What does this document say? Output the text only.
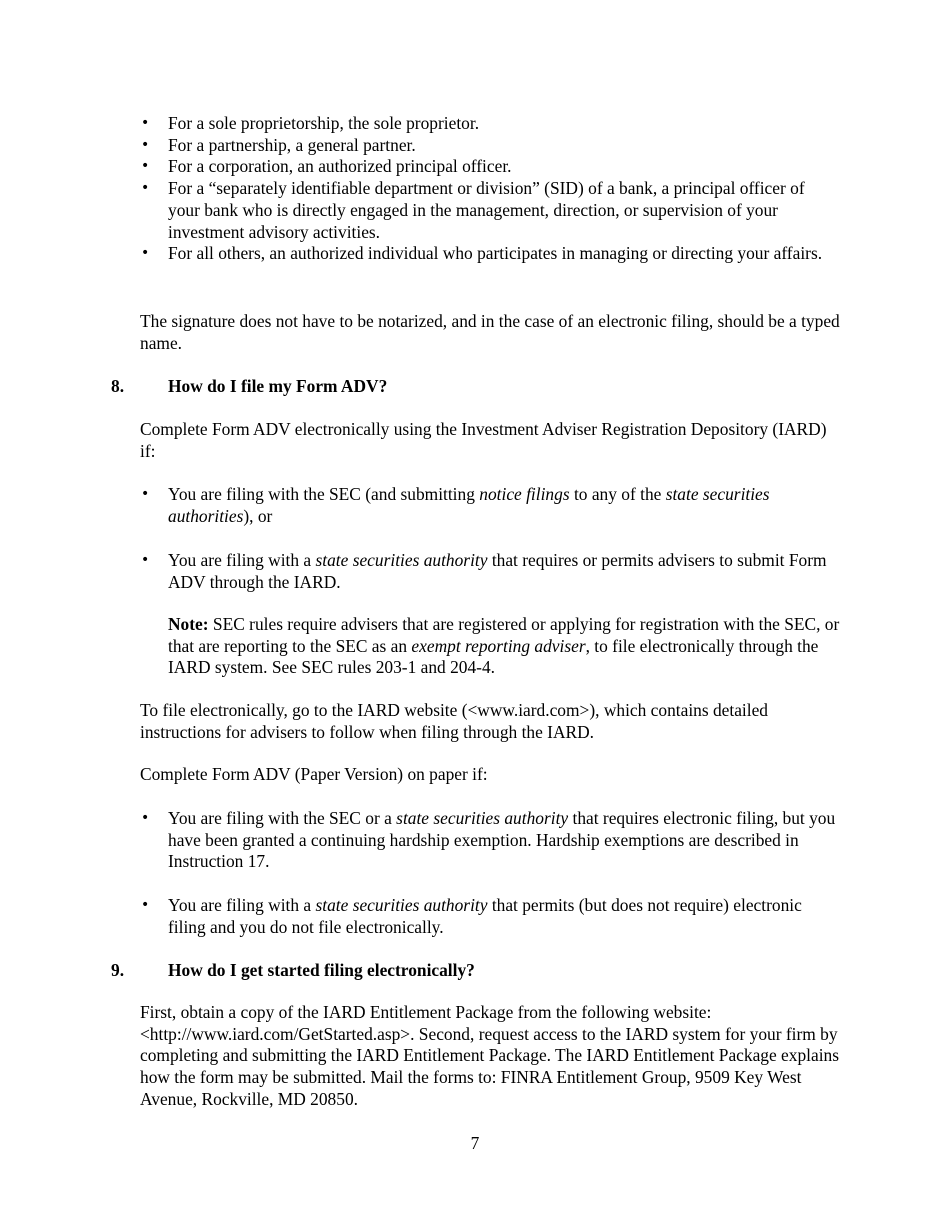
• For a sole proprietorship, the sole proprietor.
• For a partnership, a general partner.
• For a corporation, an authorized principal officer.
• For a “separately identifiable department or division” (SID) of a bank, a principal officer of your bank who is directly engaged in the management, direction, or supervision of your investment advisory activities.
• For all others, an authorized individual who participates in managing or directing your affairs.

The signature does not have to be notarized, and in the case of an electronic filing, should be a typed name.

8.	How do I file my Form ADV?

Complete Form ADV electronically using the Investment Adviser Registration Depository (IARD) if:

• You are filing with the SEC (and submitting notice filings to any of the state securities authorities), or

• You are filing with a state securities authority that requires or permits advisers to submit Form ADV through the IARD.

Note: SEC rules require advisers that are registered or applying for registration with the SEC, or that are reporting to the SEC as an exempt reporting adviser, to file electronically through the IARD system. See SEC rules 203-1 and 204-4.

To file electronically, go to the IARD website (<www.iard.com>), which contains detailed instructions for advisers to follow when filing through the IARD.

Complete Form ADV (Paper Version) on paper if:

• You are filing with the SEC or a state securities authority that requires electronic filing, but you have been granted a continuing hardship exemption. Hardship exemptions are described in Instruction 17.

• You are filing with a state securities authority that permits (but does not require) electronic filing and you do not file electronically.

9.	How do I get started filing electronically?

First, obtain a copy of the IARD Entitlement Package from the following website: <http://www.iard.com/GetStarted.asp>. Second, request access to the IARD system for your firm by completing and submitting the IARD Entitlement Package. The IARD Entitlement Package explains how the form may be submitted. Mail the forms to: FINRA Entitlement Group, 9509 Key West Avenue, Rockville, MD 20850.

7
